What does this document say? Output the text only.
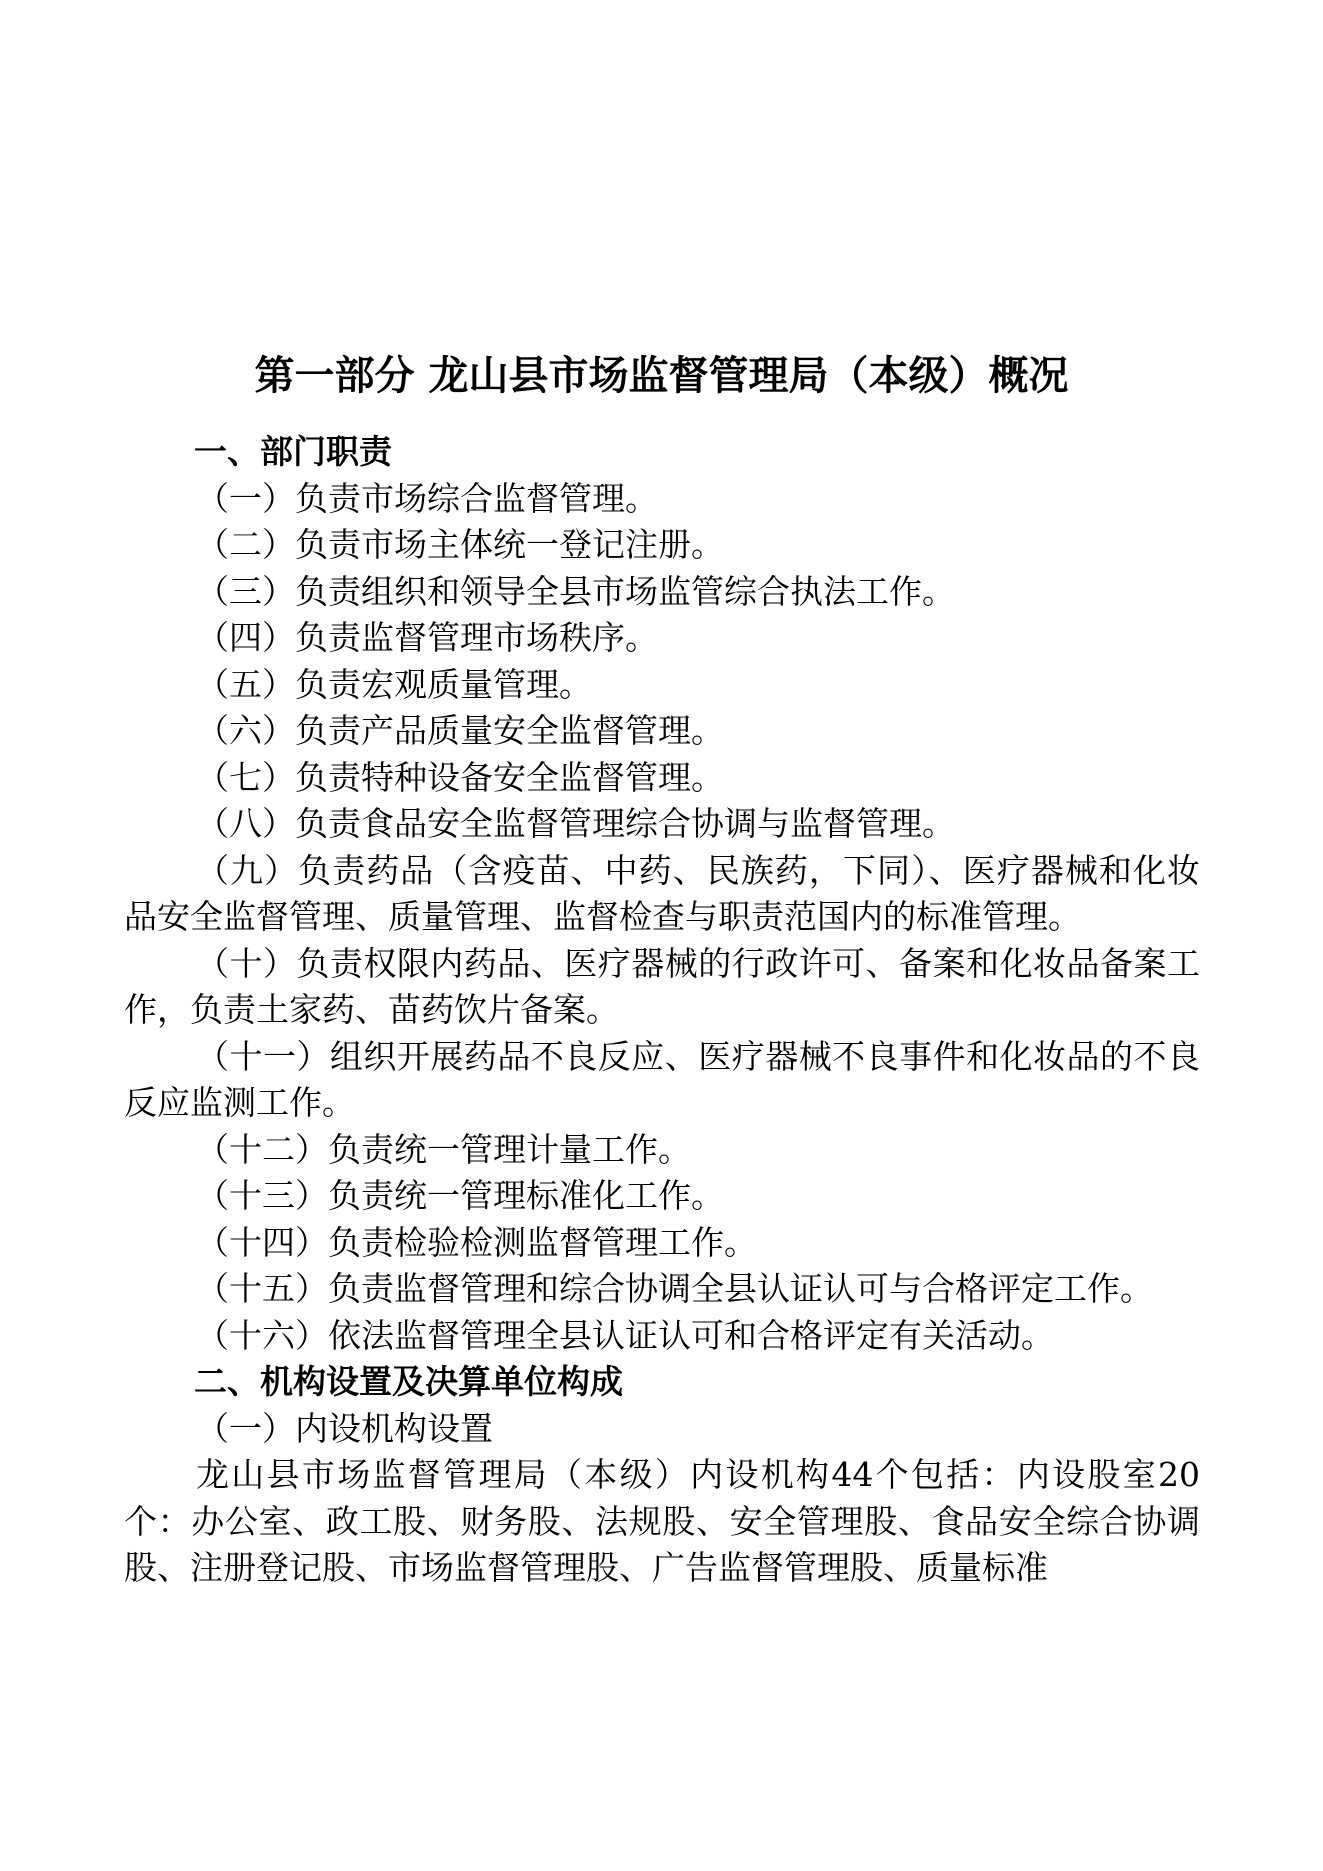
第一部分 龙山县市场监督管理局（本级）概况

一、部门职责

（一）负责市场综合监督管理。

（二）负责市场主体统一登记注册。

（三）负责组织和领导全县市场监管综合执法工作。

（四）负责监督管理市场秩序。

（五）负责宏观质量管理。

（六）负责产品质量安全监督管理。

（七）负责特种设备安全监督管理。

（八）负责食品安全监督管理综合协调与监督管理。

（九）负责药品（含疫苗、中药、民族药，下同）、医疗器械和化妆品安全监督管理、质量管理、监督检查与职责范国内的标准管理。

（十）负责权限内药品、医疗器械的行政许可、备案和化妆品备案工作，负责土家药、苗药饮片备案。

（十一）组织开展药品不良反应、医疗器械不良事件和化妆品的不良反应监测工作。

（十二）负责统一管理计量工作。

（十三）负责统一管理标准化工作。

（十四）负责检验检测监督管理工作。

（十五）负责监督管理和综合协调全县认证认可与合格评定工作。

（十六）依法监督管理全县认证认可和合格评定有关活动。

二、机构设置及决算单位构成

（一）内设机构设置

龙山县市场监督管理局（本级）内设机构44个包括：内设股室20个：办公室、政工股、财务股、法规股、安全管理股、食品安全综合协调股、注册登记股、市场监督管理股、广告监督管理股、质量标准
